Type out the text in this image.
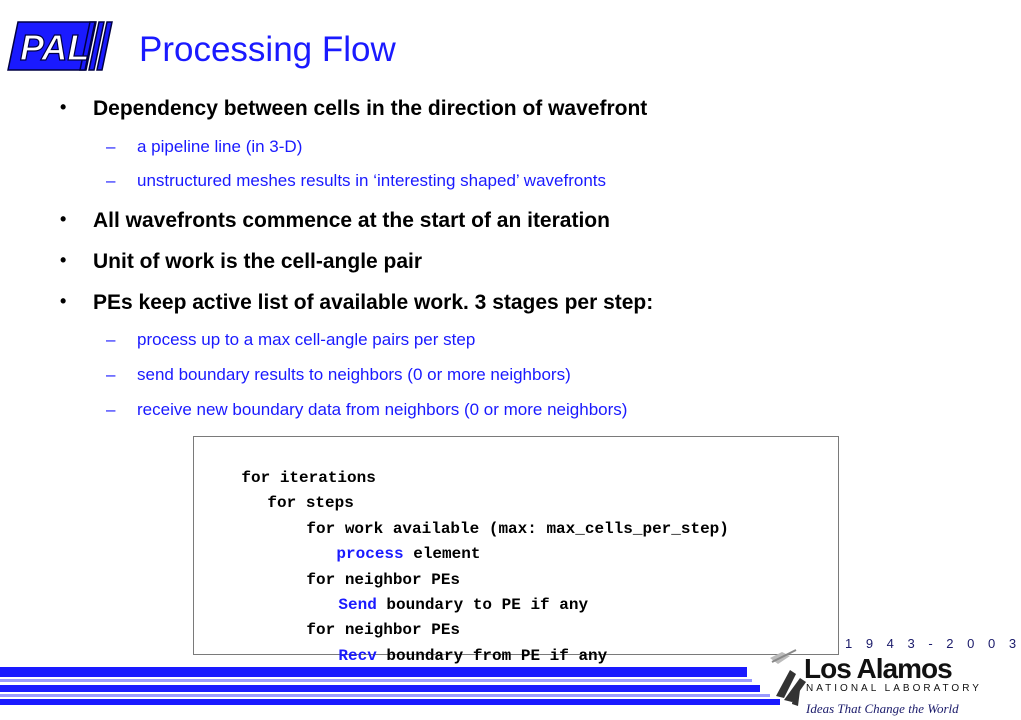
PAL Processing Flow
• Dependency between cells in the direction of wavefront
– a pipeline line (in 3-D)
– unstructured meshes results in ‘interesting shaped’ wavefronts
• All wavefronts commence at the start of an iteration
• Unit of work is the cell-angle pair
• PEs keep active list of available work. 3 stages per step:
– process up to a max cell-angle pairs per step
– send boundary results to neighbors (0 or more neighbors)
– receive new boundary data from neighbors (0 or more neighbors)

for iterations

for steps

for work available (max: max_cells_per_step)

process element

for neighbor PEs

Send boundary to PE if any

for neighbor PEs

Recv boundary from PE if any

1 9 4 3 - 2 0 0 3
Los Alamos
NATIONAL LABORATORY
Ideas That Change the World
